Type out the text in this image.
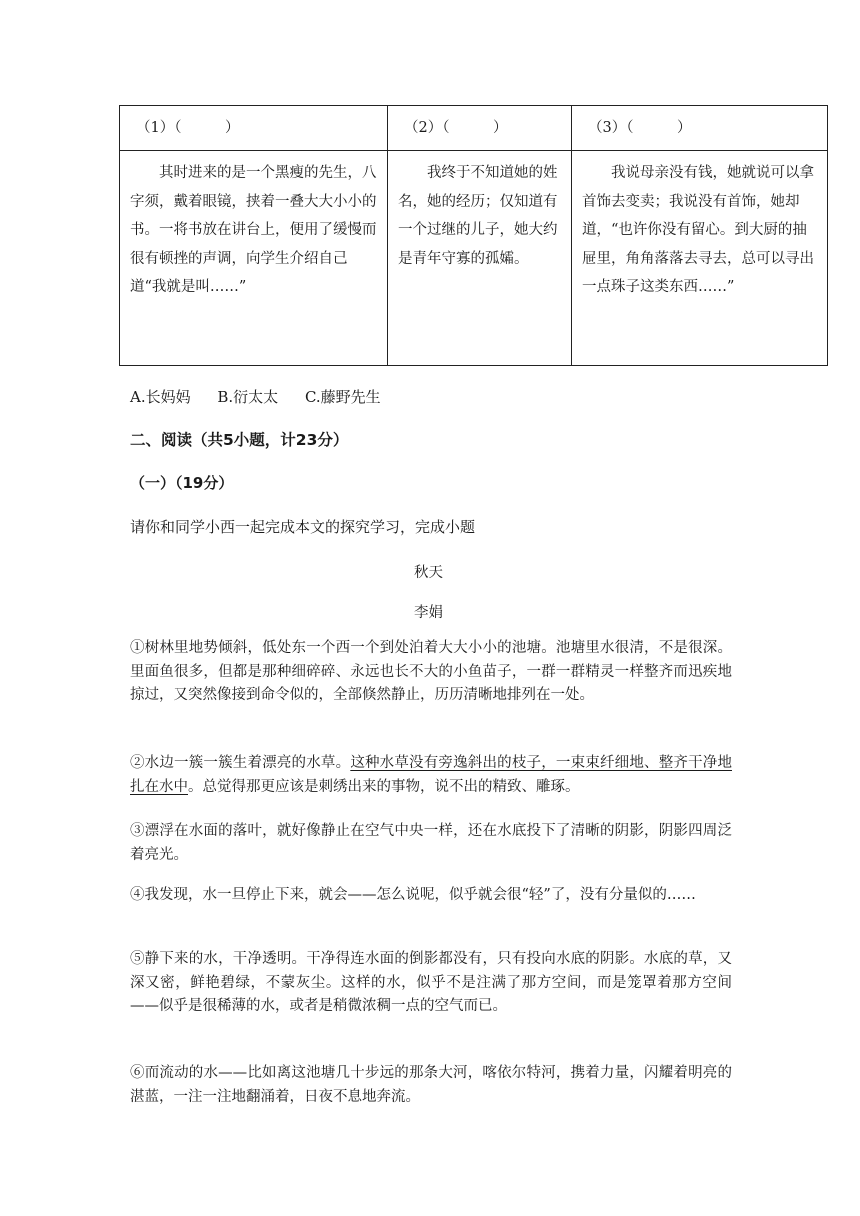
（1）（　　　）	（2）（　　　）	（3）（　　　）
其时进来的是一个黑瘦的先生，八字须，戴着眼镜，挟着一叠大大小小的书。一将书放在讲台上，便用了缓慢而很有顿挫的声调，向学生介绍自己道“我就是叫……”	我终于不知道她的姓名，她的经历；仅知道有一个过继的儿子，她大约是青年守寡的孤孀。	我说母亲没有钱，她就说可以拿首饰去变卖；我说没有首饰，她却道，“也许你没有留心。到大厨的抽屉里，角角落落去寻去，总可以寻出一点珠子这类东西……”
A.长妈妈 B.衍太太 C.藤野先生
二、阅读（共5小题，计23分）
（一）（19分）
请你和同学小西一起完成本文的探究学习，完成小题
秋天
李娟
①树林里地势倾斜，低处东一个西一个到处泊着大大小小的池塘。池塘里水很清，不是很深。里面鱼很多，但都是那种细碎碎、永远也长不大的小鱼苗子，一群一群精灵一样整齐而迅疾地掠过，又突然像接到命令似的，全部倏然静止，历历清晰地排列在一处。
②水边一簇一簇生着漂亮的水草。这种水草没有旁逸斜出的枝子，一束束纤细地、整齐干净地扎在水中。总觉得那更应该是刺绣出来的事物，说不出的精致、雕琢。
③漂浮在水面的落叶，就好像静止在空气中央一样，还在水底投下了清晰的阴影，阴影四周泛着亮光。
④我发现，水一旦停止下来，就会——怎么说呢，似乎就会很“轻”了，没有分量似的……
⑤静下来的水，干净透明。干净得连水面的倒影都没有，只有投向水底的阴影。水底的草，又深又密，鲜艳碧绿，不蒙灰尘。这样的水，似乎不是注满了那方空间，而是笼罩着那方空间——似乎是很稀薄的水，或者是稍微浓稠一点的空气而已。
⑥而流动的水——比如离这池塘几十步远的那条大河，喀依尔特河，携着力量，闪耀着明亮的湛蓝，一注一注地翻涌着，日夜不息地奔流。
